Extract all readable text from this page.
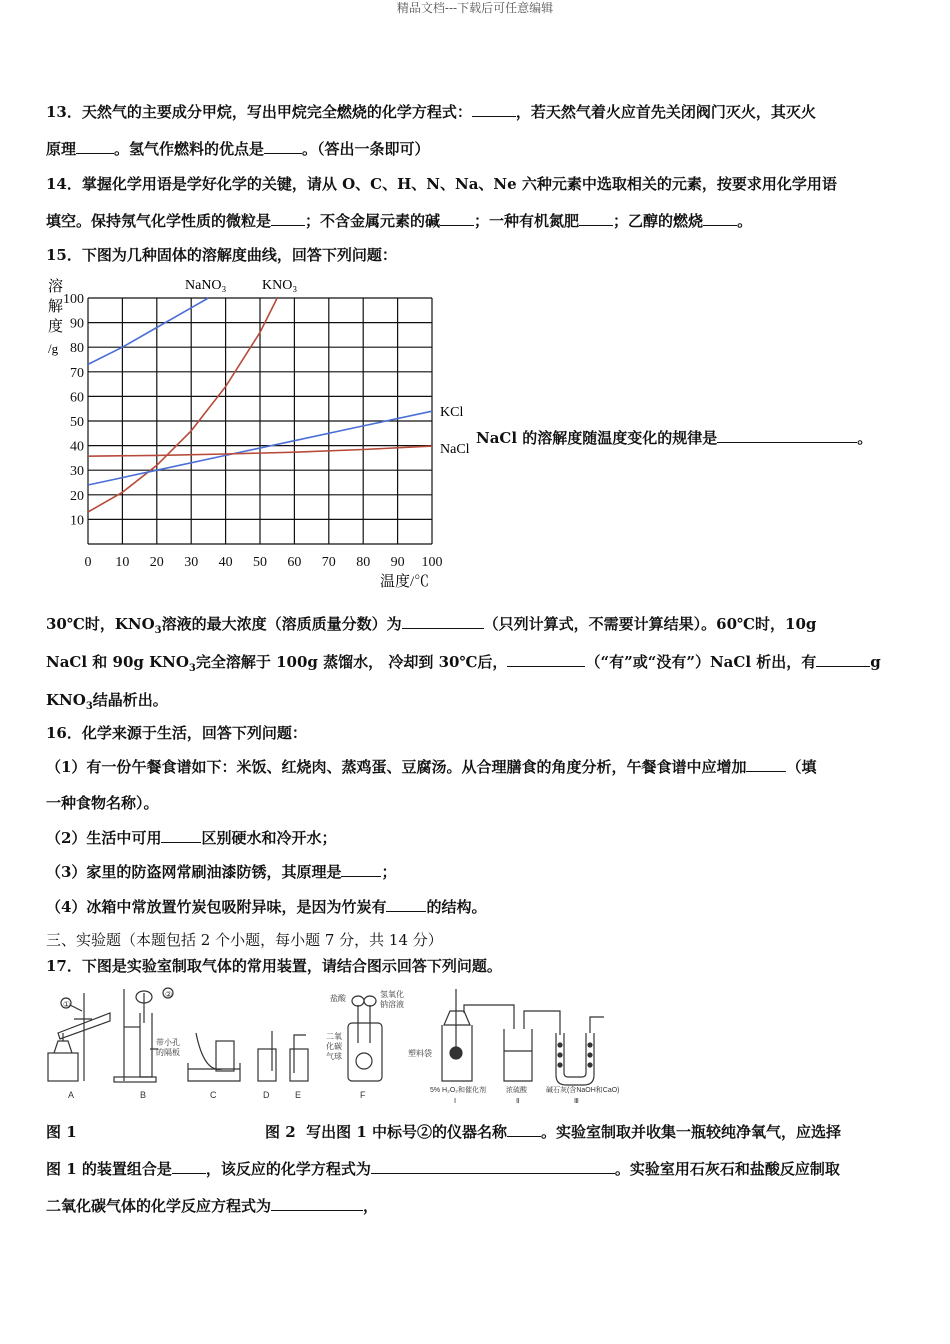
精品文档---下载后可任意编辑
13．天然气的主要成分甲烷，写出甲烷完全燃烧的化学方程式：	，若天然气着火应首先关闭阀门灭火，其灭火
原理	。氢气作燃料的优点是	。（答出一条即可）
14．掌握化学用语是学好化学的关键，请从 O、C、H、N、Na、Ne 六种元素中选取相关的元素，按要求用化学用语
填空。保持氖气化学性质的微粒是 ；不含金属元素的碱 ；一种有机氮肥 ；乙醇的燃烧 。
15．下图为几种固体的溶解度曲线，回答下列问题：
10
20
30
40
50
60
70
80
90
100
0 10 20 30 40 50 60 70 80 90 100
溶
解
度
/g
温度/℃
NaNO₃	KNO₃
KCl
NaCl
NaCl 的溶解度随温度变化的规律是	。
30℃时，$KNO_3$溶液的最大浓度（溶质质量分数）为	（只列计算式，不需要计算结果）。60℃时，10g
NaCl 和 90g $KNO_3$完全溶解于 100g 蒸馏水， 冷却到 30℃后，	（“有”或“没有”）NaCl 析出，有	g
$KNO_3$结晶析出。
16．化学来源于生活，回答下列问题：
（1）有一份午餐食谱如下：米饭、红烧肉、蒸鸡蛋、豆腐汤。从合理膳食的角度分析，午餐食谱中应增加	（填
一种食物名称）。
（2）生活中可用	区别硬水和冷开水；
（3）家里的防盗网常刷油漆防锈，其原理是	；
（4）冰箱中常放置竹炭包吸附异味，是因为竹炭有	的结构。
三、实验题（本题包括 2 个小题，每小题 7 分，共 14 分）
17．下图是实验室制取气体的常用装置，请结合图示回答下列问题。
①
A
②
带小孔
的隔板
B	C	D	E
盐酸	氢氧化
钠溶液
二氧
化碳
气球
F
塑料袋
5% H₂O₂和催化剂
Ⅰ
浓硫酸
Ⅱ
碱石灰(含NaOH和CaO)
Ⅲ
图 1	图 2 写出图 1 中标号②的仪器名称 。实验室制取并收集一瓶较纯净氧气，应选择
图 1 的装置组合是 ，该反应的化学方程式为	。实验室用石灰石和盐酸反应制取
二氧化碳气体的化学反应方程式为	，
